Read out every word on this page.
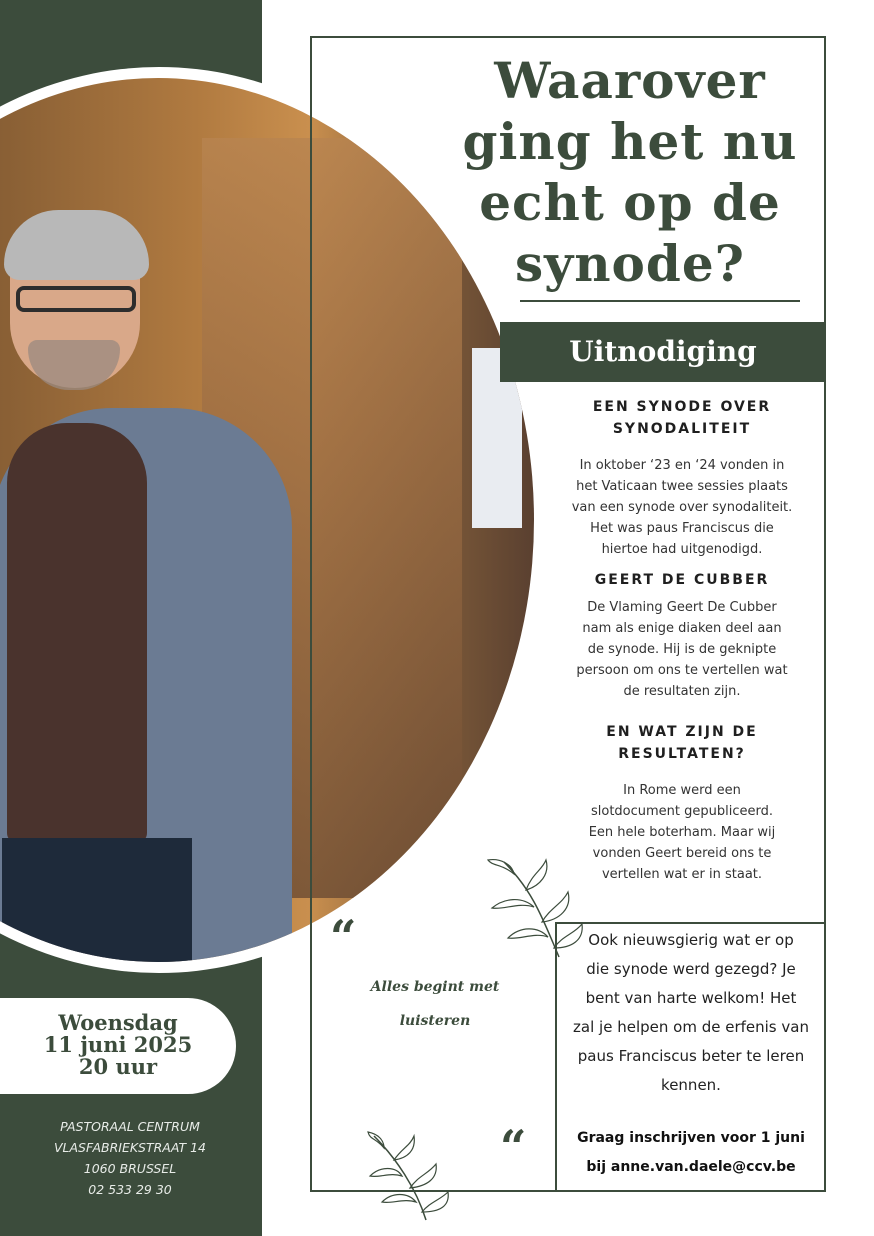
Waarover
ging het nu
echt op de
synode?
Uitnodiging
EEN SYNODE OVER
SYNODALITEIT
In oktober ‘23 en ‘24 vonden in
het Vaticaan twee sessies plaats
van een synode over synodaliteit.
Het was paus Franciscus die
hiertoe had uitgenodigd.
GEERT DE CUBBER
De Vlaming Geert De Cubber
nam als enige diaken deel aan
de synode. Hij is de geknipte
persoon om ons te vertellen wat
de resultaten zijn.
EN WAT ZIJN DE
RESULTATEN?
In Rome werd een
slotdocument gepubliceerd.
Een hele boterham. Maar wij
vonden Geert bereid ons te
vertellen wat er in staat.
“
“
Alles begint met
luisteren
Ook nieuwsgierig wat er op
die synode werd gezegd? Je
bent van harte welkom! Het
zal je helpen om de erfenis van
paus Franciscus beter te leren
kennen.
Graag inschrijven voor 1 juni
bij anne.van.daele@ccv.be
Woensdag
11 juni 2025
20 uur
PASTORAAL CENTRUM
VLASFABRIEKSTRAAT 14
1060 BRUSSEL
02 533 29 30
